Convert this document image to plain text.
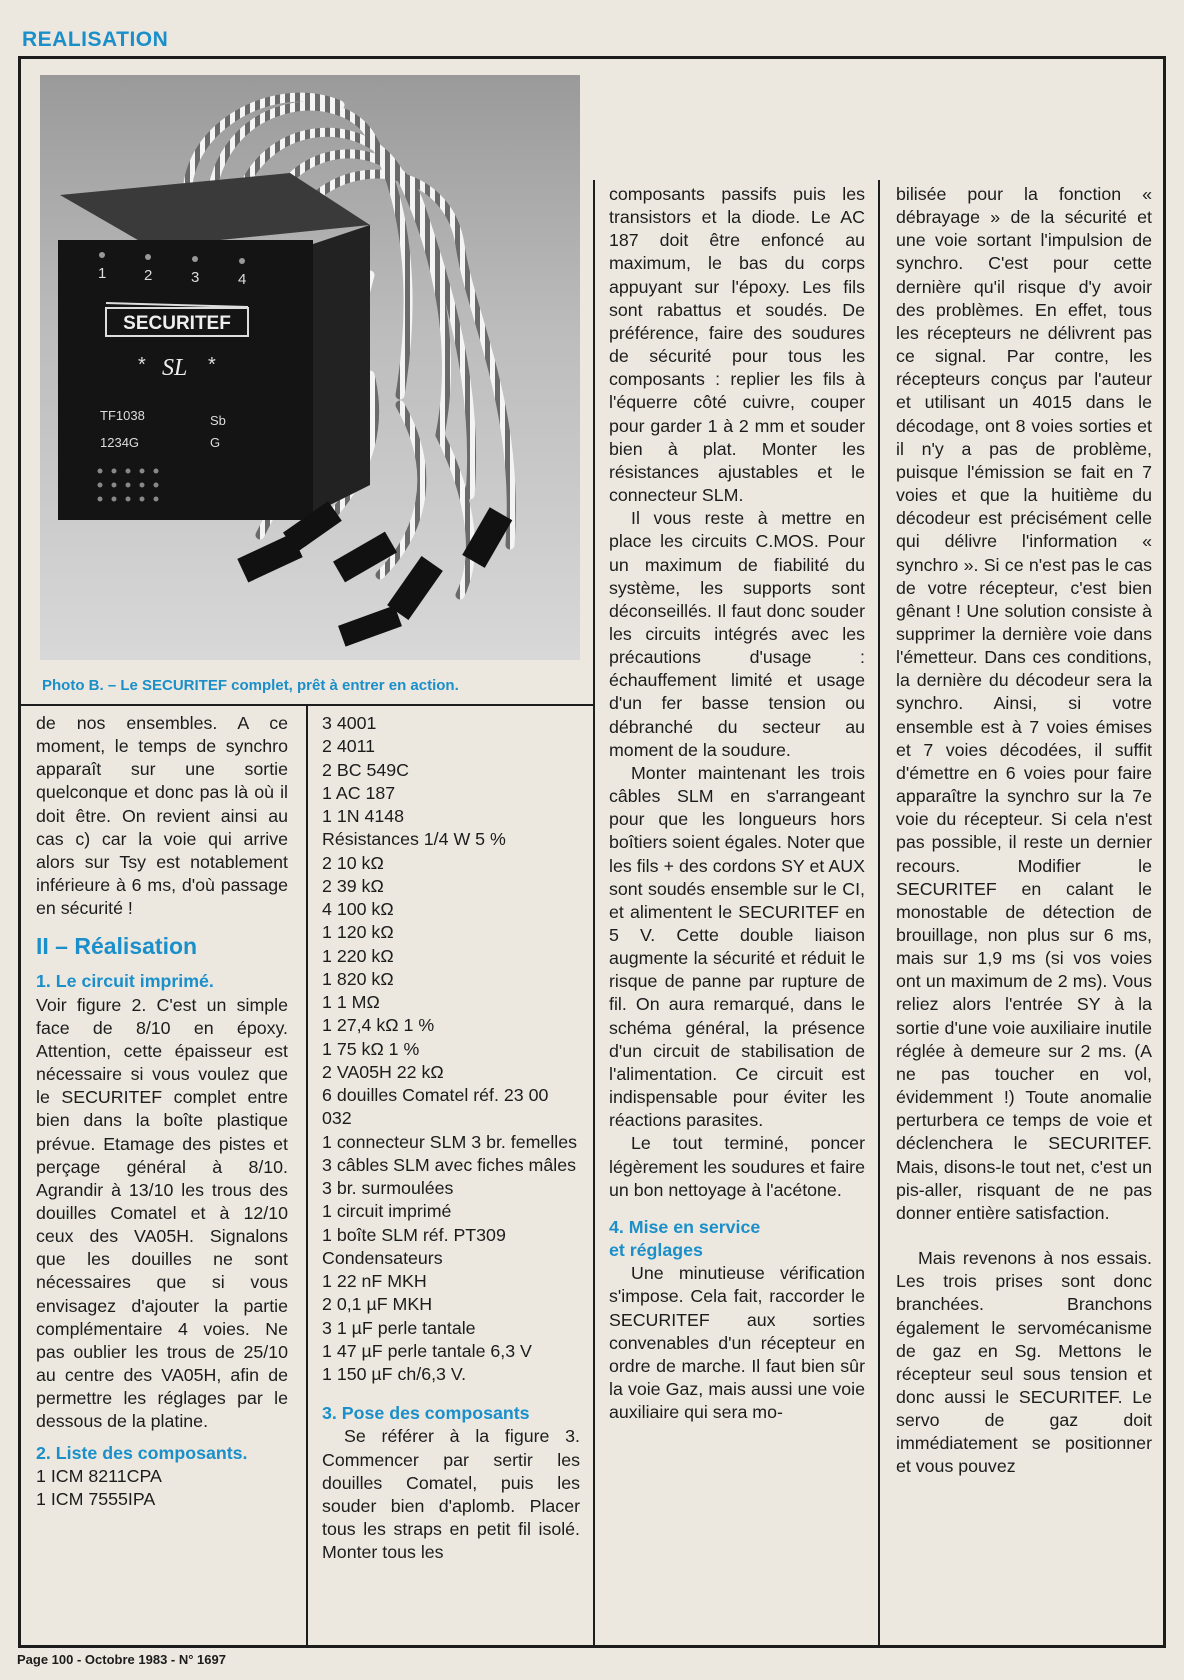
REALISATION
1	2	3	4
SECURITEF
*	*
SL
TF1038
1234G
Sb
G
Photo B. – Le SECURITEF complet, prêt à entrer en action.

de nos ensembles. A ce moment, le temps de synchro apparaît sur une sortie quelconque et donc pas là où il doit être. On revient ainsi au cas c) car la voie qui arrive alors sur Tsy est notablement inférieure à 6 ms, d'où passage en sécurité !

II – Réalisation

1. Le circuit imprimé.

Voir figure 2. C'est un simple face de 8/10 en époxy. Attention, cette épaisseur est nécessaire si vous voulez que le SECURITEF complet entre bien dans la boîte plastique prévue. Etamage des pistes et perçage général à 8/10. Agrandir à 13/10 les trous des douilles Comatel et à 12/10 ceux des VA05H. Signalons que les douilles ne sont nécessaires que si vous envisagez d'ajouter la partie complémentaire 4 voies. Ne pas oublier les trous de 25/10 au centre des VA05H, afin de permettre les réglages par le dessous de la platine.

2. Liste des composants.

1 ICM 8211CPA
1 ICM 7555IPA
3 4001
2 4011
2 BC 549C
1 AC 187
1 1N 4148
Résistances 1/4 W 5 %
2 10 kΩ
2 39 kΩ
4 100 kΩ
1 120 kΩ
1 220 kΩ
1 820 kΩ
1 1 MΩ
1 27,4 kΩ 1 %
1 75 kΩ 1 %
2 VA05H 22 kΩ
6 douilles Comatel réf. 23 00 032
1 connecteur SLM 3 br. femelles
3 câbles SLM avec fiches mâles 3 br. surmoulées
1 circuit imprimé
1 boîte SLM réf. PT309
Condensateurs
1 22 nF MKH
2 0,1 µF MKH
3 1 µF perle tantale
1 47 µF perle tantale 6,3 V
1 150 µF ch/6,3 V.

3. Pose des composants

Se référer à la figure 3. Commencer par sertir les douilles Comatel, puis les souder bien d'aplomb. Placer tous les straps en petit fil isolé. Monter tous les

composants passifs puis les transistors et la diode. Le AC 187 doit être enfoncé au maximum, le bas du corps appuyant sur l'époxy. Les fils sont rabattus et soudés. De préférence, faire des soudures de sécurité pour tous les composants : replier les fils à l'équerre côté cuivre, couper pour garder 1 à 2 mm et souder bien à plat. Monter les résistances ajustables et le connecteur SLM.

Il vous reste à mettre en place les circuits C.MOS. Pour un maximum de fiabilité du système, les supports sont déconseillés. Il faut donc souder les circuits intégrés avec les précautions d'usage : échauffement limité et usage d'un fer basse tension ou débranché du secteur au moment de la soudure.

Monter maintenant les trois câbles SLM en s'arrangeant pour que les longueurs hors boîtiers soient égales. Noter que les fils + des cordons SY et AUX sont soudés ensemble sur le CI, et alimentent le SECURITEF en 5 V. Cette double liaison augmente la sécurité et réduit le risque de panne par rupture de fil. On aura remarqué, dans le schéma général, la présence d'un circuit de stabilisation de l'alimentation. Ce circuit est indispensable pour éviter les réactions parasites.

Le tout terminé, poncer légèrement les soudures et faire un bon nettoyage à l'acétone.

4. Mise en service

et réglages

Une minutieuse vérification s'impose. Cela fait, raccorder le SECURITEF aux sorties convenables d'un récepteur en ordre de marche. Il faut bien sûr la voie Gaz, mais aussi une voie auxiliaire qui sera mo-

bilisée pour la fonction « débrayage » de la sécurité et une voie sortant l'impulsion de synchro. C'est pour cette dernière qu'il risque d'y avoir des problèmes. En effet, tous les récepteurs ne délivrent pas ce signal. Par contre, les récepteurs conçus par l'auteur et utilisant un 4015 dans le décodage, ont 8 voies sorties et il n'y a pas de problème, puisque l'émission se fait en 7 voies et que la huitième du décodeur est précisément celle qui délivre l'information « synchro ». Si ce n'est pas le cas de votre récepteur, c'est bien gênant ! Une solution consiste à supprimer la dernière voie dans l'émetteur. Dans ces conditions, la dernière du décodeur sera la synchro. Ainsi, si votre ensemble est à 7 voies émises et 7 voies décodées, il suffit d'émettre en 6 voies pour faire apparaître la synchro sur la 7e voie du récepteur. Si cela n'est pas possible, il reste un dernier recours. Modifier le SECURITEF en calant le monostable de détection de brouillage, non plus sur 6 ms, mais sur 1,9 ms (si vos voies ont un maximum de 2 ms). Vous reliez alors l'entrée SY à la sortie d'une voie auxiliaire inutile réglée à demeure sur 2 ms. (A ne pas toucher en vol, évidemment !) Toute anomalie perturbera ce temps de voie et déclenchera le SECURITEF. Mais, disons-le tout net, c'est un pis-aller, risquant de ne pas donner entière satisfaction.

Mais revenons à nos essais. Les trois prises sont donc branchées. Branchons également le servomécanisme de gaz en Sg. Mettons le récepteur seul sous tension et donc aussi le SECURITEF. Le servo de gaz doit immédiatement se positionner et vous pouvez

Page 100 - Octobre 1983 - N° 1697
